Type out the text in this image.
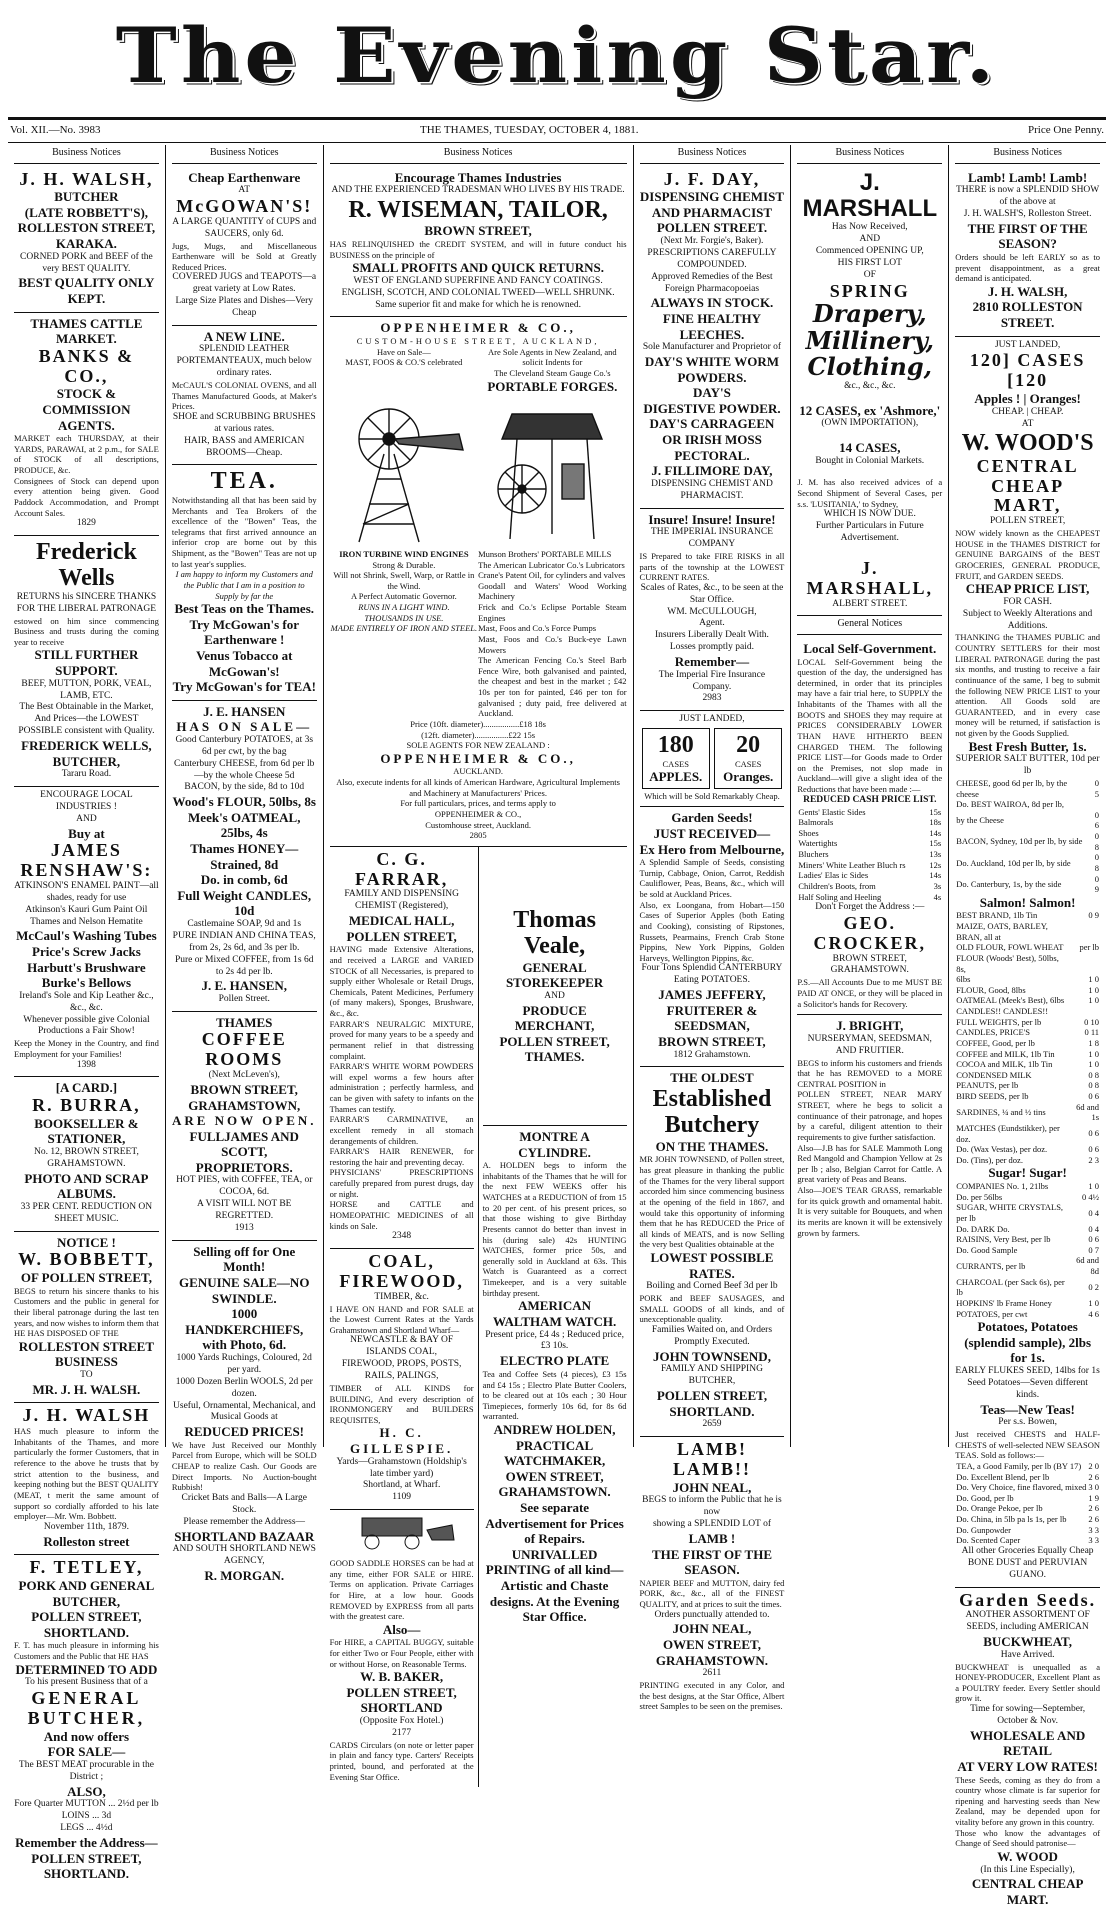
The Evening Star.
Vol. XII.—No. 3983	THE THAMES, TUESDAY, OCTOBER 4, 1881.	Price One Penny.
Business Notices
J. H. WALSH,
BUTCHER
(LATE ROBBETT'S),
ROLLESTON STREET, KARAKA.
CORNED PORK and BEEF of the very BEST QUALITY.
BEST QUALITY ONLY KEPT.
THAMES CATTLE MARKET.
BANKS & CO.,
STOCK & COMMISSION AGENTS.
MARKET each THURSDAY, at their YARDS, PARAWAI, at 2 p.m., for SALE of STOCK of all descriptions, PRODUCE, &c.
Consignees of Stock can depend upon every attention being given. Good Paddock Accommodation, and Prompt Account Sales.
1829
Frederick Wells
RETURNS his SINCERE THANKS FOR THE LIBERAL PATRONAGE
estowed on him since commencing Business and trusts during the coming year to receive
STILL FURTHER SUPPORT.
BEEF, MUTTON, PORK, VEAL, LAMB, ETC.
The Best Obtainable in the Market,
And Prices—the LOWEST POSSIBLE consistent with Quality.
FREDERICK WELLS,
BUTCHER,
Tararu Road.
ENCOURAGE LOCAL INDUSTRIES !
AND
Buy at
JAMES RENSHAW'S:
ATKINSON'S ENAMEL PAINT—all shades, ready for use
Atkinson's Kauri Gum Paint Oil
Thames and Nelson Hematite
McCaul's Washing Tubes
Price's Screw Jacks
Harbutt's Brushware
Burke's Bellows
Ireland's Sole and Kip Leather &c., &c., &c.
Whenever possible give Colonial Productions a Fair Show!
Keep the Money in the Country, and find Employment for your Families!
1398
[A CARD.]
R. BURRA,
BOOKSELLER & STATIONER,
No. 12, BROWN STREET, GRAHAMSTOWN.
PHOTO AND SCRAP ALBUMS.
33 PER CENT. REDUCTION ON SHEET MUSIC.
NOTICE !
W. BOBBETT,
OF POLLEN STREET,
BEGS to return his sincere thanks to his Customers and the public in general for their liberal patronage during the last ten years, and now wishes to inform them that HE HAS DISPOSED OF THE
ROLLESTON STREET BUSINESS
TO
MR. J. H. WALSH.
J. H. WALSH
HAS much pleasure to inform the Inhabitants of the Thames, and more particularly the former Customers, that in reference to the above he trusts that by strict attention to the business, and keeping nothing but the BEST QUALITY (MEAT, t merit the same amount of support so cordially afforded to his late employer—Mr. Wm. Bobbett.
November 11th, 1879.
Rolleston street
F. TETLEY,
PORK AND GENERAL BUTCHER,
POLLEN STREET, SHORTLAND.
F. T. has much pleasure in informing his Customers and the Public that HE HAS
DETERMINED TO ADD
To his present Business that of a
GENERAL BUTCHER,
And now offers
FOR SALE—
The BEST MEAT procurable in the District ;
ALSO,
Fore Quarter MUTTON ... 2½d per lb
LOINS ... 3d
LEGS ... 4½d
Remember the Address—
POLLEN STREET,
SHORTLAND.
Business Notices
Cheap Earthenware
AT
McGOWAN'S!
A LARGE QUANTITY of CUPS and SAUCERS, only 6d.
Jugs, Mugs, and Miscellaneous Earthenware will be Sold at Greatly Reduced Prices.
COVERED JUGS and TEAPOTS—a great variety at Low Rates.
Large Size Plates and Dishes—Very Cheap
A NEW LINE.
SPLENDID LEATHER PORTEMANTEAUX, much below ordinary rates.
McCAUL'S COLONIAL OVENS, and all Thames Manufactured Goods, at Maker's Prices.
SHOE and SCRUBBING BRUSHES at various rates.
HAIR, BASS and AMERICAN BROOMS—Cheap.
TEA.
Notwithstanding all that has been said by Merchants and Tea Brokers of the excellence of the "Bowen" Teas, the telegrams that first arrived announce an inferior crop are borne out by this Shipment, as the "Bowen" Teas are not up to last year's supplies.
I am happy to inform my Customers and the Public that I am in a position to Supply by far the
Best Teas on the Thames.
Try McGowan's for Earthenware !
Venus Tobacco at McGowan's!
Try McGowan's for TEA!
J. E. HANSEN
HAS ON SALE—
Good Canterbury POTATOES, at 3s 6d per cwt, by the bag
Canterbury CHEESE, from 6d per lb—by the whole Cheese 5d
BACON, by the side, 8d to 10d
Wood's FLOUR, 50lbs, 8s
Meek's OATMEAL, 25lbs, 4s
Thames HONEY—Strained, 8d
Do. in comb, 6d
Full Weight CANDLES, 10d
Castlemaine SOAP, 9d and 1s
PURE INDIAN AND CHINA TEAS, from 2s, 2s 6d, and 3s per lb.
Pure or Mixed COFFEE, from 1s 6d to 2s 4d per lb.
J. E. HANSEN,
Pollen Street.
THAMES
COFFEE ROOMS
(Next McLeven's),
BROWN STREET, GRAHAMSTOWN,
ARE NOW OPEN.
FULLJAMES AND SCOTT,
PROPRIETORS.
HOT PIES, with COFFEE, TEA, or COCOA, 6d.
A VISIT WILL NOT BE REGRETTED.
1913
Selling off for One Month!
GENUINE SALE—NO SWINDLE.
1000 HANDKERCHIEFS, with Photo, 6d.
1000 Yards Ruchings, Coloured, 2d per yard.
1000 Dozen Berlin WOOLS, 2d per dozen.
Useful, Ornamental, Mechanical, and Musical Goods at
REDUCED PRICES!
We have Just Received our Monthly Parcel from Europe, which will be SOLD CHEAP to realize Cash. Our Goods are Direct Imports. No Auction-bought Rubbish!
Cricket Bats and Balls—A Large Stock.
Please remember the Address—
SHORTLAND BAZAAR
AND SOUTH SHORTLAND NEWS AGENCY,
R. MORGAN.
Business Notices
Encourage Thames Industries
AND THE EXPERIENCED TRADESMAN WHO LIVES BY HIS TRADE.
R. WISEMAN, TAILOR,
BROWN STREET,
HAS RELINQUISHED the CREDIT SYSTEM, and will in future conduct his BUSINESS on the principle of
SMALL PROFITS AND QUICK RETURNS.
WEST OF ENGLAND SUPERFINE AND FANCY COATINGS.
ENGLISH, SCOTCH, AND COLONIAL TWEED—WELL SHRUNK.
Same superior fit and make for which he is renowned.
OPPENHEIMER & CO.,
CUSTOM-HOUSE STREET, AUCKLAND,
Have on Sale—
MAST, FOOS & CO.'S celebrated
Are Sole Agents in New Zealand, and solicit Indents for
The Cleveland Steam Gauge Co.'s
PORTABLE FORGES.
IRON TURBINE WIND ENGINES
Strong & Durable.
Will not Shrink, Swell, Warp, or Rattle in the Wind.
A Perfect Automatic Governor.
RUNS IN A LIGHT WIND.
THOUSANDS IN USE.
MADE ENTIRELY OF IRON AND STEEL.
Munson Brothers' PORTABLE MILLS
The American Lubricator Co.'s Lubricators
Crane's Patent Oil, for cylinders and valves
Goodall and Waters' Wood Working Machinery
Frick and Co.'s Eclipse Portable Steam Engines
Mast, Foos and Co.'s Force Pumps
Mast, Foos and Co.'s Buck-eye Lawn Mowers
The American Fencing Co.'s Steel Barb Fence Wire, both galvanised and painted, the cheapest and best in the market ; £42 10s per ton for painted, £46 per ton for galvanised ; duty paid, free delivered at Auckland.
Price (10ft. diameter).................£18 18s
(12ft. diameter)................£22 15s
SOLE AGENTS FOR NEW ZEALAND :
OPPENHEIMER & CO.,
AUCKLAND.
Also, execute indents for all kinds of American Hardware, Agricultural Implements and Machinery at Manufacturers' Prices.
For full particulars, prices, and terms apply to
OPPENHEIMER & CO.,
Customhouse street, Auckland.
2805
C. G. FARRAR,
FAMILY AND DISPENSING CHEMIST (Registered),
MEDICAL HALL,
POLLEN STREET,
HAVING made Extensive Alterations, and received a LARGE and VARIED STOCK of all Necessaries, is prepared to supply either Wholesale or Retail Drugs, Chemicals, Patent Medicines, Perfumery (of many makers), Sponges, Brushware, &c., &c.
FARRAR'S NEURALGIC MIXTURE, proved for many years to be a speedy and permanent relief in that distressing complaint.
FARRAR'S WHITE WORM POWDERS will expel worms a few hours after administration ; perfectly harmless, and can be given with safety to infants on the Thames can testify.
FARRAR'S CARMINATIVE, an excellent remedy in all stomach derangements of children.
FARRAR'S HAIR RENEWER, for restoring the hair and preventing decay.
PHYSICIANS' PRESCRIPTIONS carefully prepared from purest drugs, day or night.
HORSE and CATTLE and HOMEOPATHIC MEDICINES of all kinds on Sale.
2348
COAL, FIREWOOD,
TIMBER, &c.
I HAVE ON HAND and FOR SALE at the Lowest Current Rates at the Yards Grahamstown and Shortland Wharf—
NEWCASTLE & BAY OF ISLANDS COAL,
FIREWOOD, PROPS, POSTS, RAILS, PALINGS,
TIMBER of ALL KINDS for BUILDING, And every description of IRONMONGERY and BUILDERS REQUISITES,
H. C. GILLESPIE.
Yards—Grahamstown (Holdship's late timber yard)
Shortland, at Wharf.
1109
GOOD SADDLE HORSES can be had at any time, either FOR SALE or HIRE. Terms on application. Private Carriages for Hire, at a low hour. Goods REMOVED by EXPRESS from all parts with the greatest care.
Also—
For HIRE, a CAPITAL BUGGY, suitable for either Two or Four People, either with or without Horse, on Reasonable Terms.
W. B. BAKER,
POLLEN STREET, SHORTLAND
(Opposite Fox Hotel.)
2177
CARDS Circulars (on note or letter paper in plain and fancy type. Carters' Receipts printed, bound, and perforated at the Evening Star Office.
Thomas Veale,
GENERAL STOREKEEPER
AND
PRODUCE MERCHANT,
POLLEN STREET,
THAMES.
MONTRE A CYLINDRE.
A. HOLDEN begs to inform the inhabitants of the Thames that he will for the next FEW WEEKS offer his WATCHES at a REDUCTION of from 15 to 20 per cent. of his present prices, so that those wishing to give Birthday Presents cannot do better than invest in his (during sale) 42s HUNTING WATCHES, former price 50s, and generally sold in Auckland at 63s. This Watch is Guaranteed as a correct Timekeeper, and is a very suitable birthday present.
AMERICAN WALTHAM WATCH.
Present price, £4 4s ; Reduced price, £3 10s.
ELECTRO PLATE
Tea and Coffee Sets (4 pieces), £3 15s and £4 15s ; Electro Plate Butter Coolers, to be cleared out at 10s each ; 30 Hour Timepieces, formerly 10s 6d, for 8s 6d warranted.
ANDREW HOLDEN,
PRACTICAL WATCHMAKER,
OWEN STREET, GRAHAMSTOWN.
See separate Advertisement for Prices of Repairs.
UNRIVALLED PRINTING of all kind—Artistic and Chaste designs. At the Evening Star Office.
Business Notices
J. F. DAY,
DISPENSING CHEMIST
AND PHARMACIST
POLLEN STREET.
(Next Mr. Forgie's, Baker).
PRESCRIPTIONS CAREFULLY COMPOUNDED.
Approved Remedies of the Best Foreign Pharmacopoeias
ALWAYS IN STOCK.
FINE HEALTHY LEECHES.
Sole Manufacturer and Proprietor of
DAY'S WHITE WORM POWDERS.
DAY'S
DIGESTIVE POWDER.
DAY'S CARRAGEEN
OR IRISH MOSS PECTORAL.
J. FILLIMORE DAY,
DISPENSING CHEMIST AND PHARMACIST.
Insure! Insure! Insure!
THE IMPERIAL INSURANCE COMPANY
IS Prepared to take FIRE RISKS in all parts of the township at the LOWEST CURRENT RATES.
Scales of Rates, &c., to be seen at the Star Office.
WM. McCULLOUGH,
Agent.
Insurers Liberally Dealt With.
Losses promptly paid.
Remember—
The Imperial Fire Insurance Company.
2983
JUST LANDED,
180
CASES
APPLES.
20
CASES
Oranges.
Which will be Sold Remarkably Cheap.
Garden Seeds!
JUST RECEIVED—
Ex Hero from Melbourne,
A Splendid Sample of Seeds, consisting Turnip, Cabbage, Onion, Carrot, Reddish Cauliflower, Peas, Beans, &c., which will be sold at Auckland Prices.
Also, ex Loongana, from Hobart—150 Cases of Superior Apples (both Eating and Cooking), consisting of Ripstones, Russets, Pearmains, French Crab Stone Pippins, New York Pippins, Golden Harveys, Wellington Pippins, &c.
Four Tons Splendid CANTERBURY Eating POTATOES.
JAMES JEFFERY,
FRUITERER & SEEDSMAN,
BROWN STREET,
1812 Grahamstown.
THE OLDEST
Established Butchery
ON THE THAMES.
MR JOHN TOWNSEND, of Pollen street, has great pleasure in thanking the public of the Thames for the very liberal support accorded him since commencing business at the opening of the field in 1867, and would take this opportunity of informing them that he has REDUCED the Price of all kinds of MEATS, and is now Selling the very best Qualities obtainable at the
LOWEST POSSIBLE RATES.
Boiling and Corned Beef 3d per lb
PORK and BEEF SAUSAGES, and SMALL GOODS of all kinds, and of unexceptionable quality.
Families Waited on, and Orders Promptly Executed.
JOHN TOWNSEND,
FAMILY AND SHIPPING BUTCHER,
POLLEN STREET, SHORTLAND.
2659
LAMB! LAMB!!
JOHN NEAL,
BEGS to inform the Public that he is now
showing a SPLENDID LOT of
LAMB !
THE FIRST OF THE SEASON.
NAPIER BEEF and MUTTON, dairy fed PORK, &c., &c., all of the FINEST QUALITY, and at prices to suit the times.
Orders punctually attended to.
JOHN NEAL,
OWEN STREET,
GRAHAMSTOWN.
2611
PRINTING executed in any Color, and the best designs, at the Star Office, Albert street Samples to be seen on the premises.
Business Notices
J. MARSHALL
Has Now Received,
AND
Commenced OPENING UP,
HIS FIRST LOT
OF
SPRING
Drapery,
Millinery,
Clothing,
&c., &c., &c.
12 CASES, ex 'Ashmore,'
(OWN IMPORTATION),
14 CASES,
Bought in Colonial Markets.
J. M. has also received advices of a Second Shipment of Several Cases, per s.s. 'LUSITANIA,' to Sydney,
WHICH IS NOW DUE.
Further Particulars in Future Advertisement.
J. MARSHALL,
ALBERT STREET.
General Notices
Local Self-Government.
LOCAL Self-Government being the question of the day, the undersigned has determined, in order that its principles may have a fair trial here, to SUPPLY the Inhabitants of the Thames with all the BOOTS and SHOES they may require at PRICES CONSIDERABLY LOWER THAN HAVE HITHERTO BEEN CHARGED THEM. The following PRICE LIST—for Goods made to Order on the Premises, not slop made in Auckland—will give a slight idea of the Reductions that have been made :—
REDUCED CASH PRICE LIST.
Gents' Elastic Sides	15s
Balmorals	18s
Shoes	14s
Watertights	15s
Bluchers	13s
Miners' White Leather Bluch rs	12s
Ladies' Elas ic Sides	14s
Children's Boots, from	3s
Half Soling and Heeling	4s
Don't Forget the Address :—
GEO. CROCKER,
BROWN STREET,
GRAHAMSTOWN.
P.S.—All Accounts Due to me MUST BE PAID AT ONCE, or they will be placed in a Solicitor's hands for Recovery.
J. BRIGHT,
NURSERYMAN, SEEDSMAN, AND FRUITIER.
BEGS to inform his customers and friends that he has REMOVED to a MORE CENTRAL POSITION in
POLLEN STREET, NEAR MARY STREET, where he begs to solicit a continuance of their patronage, and hopes by a careful, diligent attention to their requirements to give further satisfaction.
Also—J.B has for SALE Mammoth Long Red Mangold and Champion Yellow at 2s per lb ; also, Belgian Carrot for Cattle. A great variety of Peas and Beans.
Also—JOE'S TEAR GRASS, remarkable for its quick growth and ornamental habit. It is very suitable for Bouquets, and when its merits are known it will be extensively grown by farmers.
Business Notices
Lamb! Lamb! Lamb!
THERE is now a SPLENDID SHOW of the above at
J. H. WALSH'S, Rolleston Street.
THE FIRST OF THE SEASON?
Orders should be left EARLY so as to prevent disappointment, as a great demand is anticipated.
J. H. WALSH,
2810 ROLLESTON STREET.
JUST LANDED,
120] CASES [120
Apples ! | Oranges!
CHEAP. | CHEAP.
AT
W. WOOD'S
CENTRAL
CHEAP MART,
POLLEN STREET,
NOW widely known as the CHEAPEST HOUSE in the THAMES DISTRICT for GENUINE BARGAINS of the BEST GROCERIES, GENERAL PRODUCE, FRUIT, and GARDEN SEEDS.
CHEAP PRICE LIST,
FOR CASH.
Subject to Weekly Alterations and Additions.
THANKING the THAMES PUBLIC and COUNTRY SETTLERS for their most LIBERAL PATRONAGE during the past six months, and trusting to receive a fair continuance of the same, I beg to submit the following NEW PRICE LIST to your attention. All Goods sold are GUARANTEED, and in every case money will be returned, if satisfaction is not given by the Goods Supplied.
Best Fresh Butter, 1s.
SUPERIOR SALT BUTTER, 10d per lb
CHEESE, good 6d per lb, by the cheese	0 5
Do. BEST WAIROA, 8d per lb,	
by the Cheese	0 6
BACON, Sydney, 10d per lb, by side	0 8
Do. Auckland, 10d per lb, by side	0 8
Do. Canterbury, 1s, by the side	0 9
Salmon! Salmon!
BEST BRAND, 1lb Tin	0 9
MAIZE, OATS, BARLEY, BRAN, all at	
OLD FLOUR, FOWL WHEAT	per lb
FLOUR (Woods' Best), 50lbs, 8s,	
6lbs	1 0
FLOUR, Good, 8lbs	1 0
OATMEAL (Meek's Best), 6lbs	1 0
CANDLES!! CANDLES!!	
FULL WEIGHTS, per lb	0 10
CANDLES, PRICE'S	0 11
COFFEE, Good, per lb	1 8
COFFEE and MILK, 1lb Tin	1 0
COCOA and MILK, 1lb Tin	1 0
CONDENSED MILK	0 8
PEANUTS, per lb	0 8
BIRD SEEDS, per lb	0 6
SARDINES, ¼ and ½ tins	6d and 1s
MATCHES (Eundstikker), per doz.	0 6
Do. (Wax Vestas), per doz.	0 6
Do. (Tins), per doz.	2 3
Sugar! Sugar!
COMPANIES No. 1, 21lbs	1 0
Do. per 56lbs	0 4½
SUGAR, WHITE CRYSTALS, per lb	0 4
Do. DARK Do.	0 4
RAISINS, Very Best, per lb	0 6
Do. Good Sample	0 7
CURRANTS, per lb	6d and 8d
CHARCOAL (per Sack 6s), per lb	0 2
HOPKINS' lb Frame Honey	1 0
POTATOES, per cwt	4 6
Potatoes, Potatoes (splendid sample), 2lbs for 1s.
EARLY FLUKES SEED, 14lbs for 1s
Seed Potatoes—Seven different kinds.
Teas—New Teas!
Per s.s. Bowen,
Just received CHESTS and HALF-CHESTS of well-selected NEW SEASON TEAS. Sold as follows:—
TEA, a Good Family, per lb (BY 17)	2 0
Do. Excellent Blend, per lb	2 6
Do. Very Choice, fine flavored, mixed	3 0
Do. Good, per lb	1 9
Do. Orange Pekoe, per lb	2 6
Do. China, in 5lb pa ls 1s, per lb	2 6
Do. Gunpowder	3 3
Do. Scented Caper	3 3
All other Groceries Equally Cheap
BONE DUST and PERUVIAN GUANO.
Garden Seeds.
ANOTHER ASSORTMENT OF SEEDS, including AMERICAN
BUCKWHEAT,
Have Arrived.
BUCKWHEAT is unequalled as a HONEY-PRODUCER, Excellent Plant as a POULTRY feeder. Every Settler should grow it.
Time for sowing—September, October & Nov.
WHOLESALE AND RETAIL
AT VERY LOW RATES!
These Seeds, coming as they do from a country whose climate is far superior for ripening and harvesting seeds than New Zealand, may be depended upon for vitality before any grown in this country.
Those who know the advantages of Change of Seed should patronise—
W. WOOD
(In this Line Especially),
CENTRAL CHEAP MART.
